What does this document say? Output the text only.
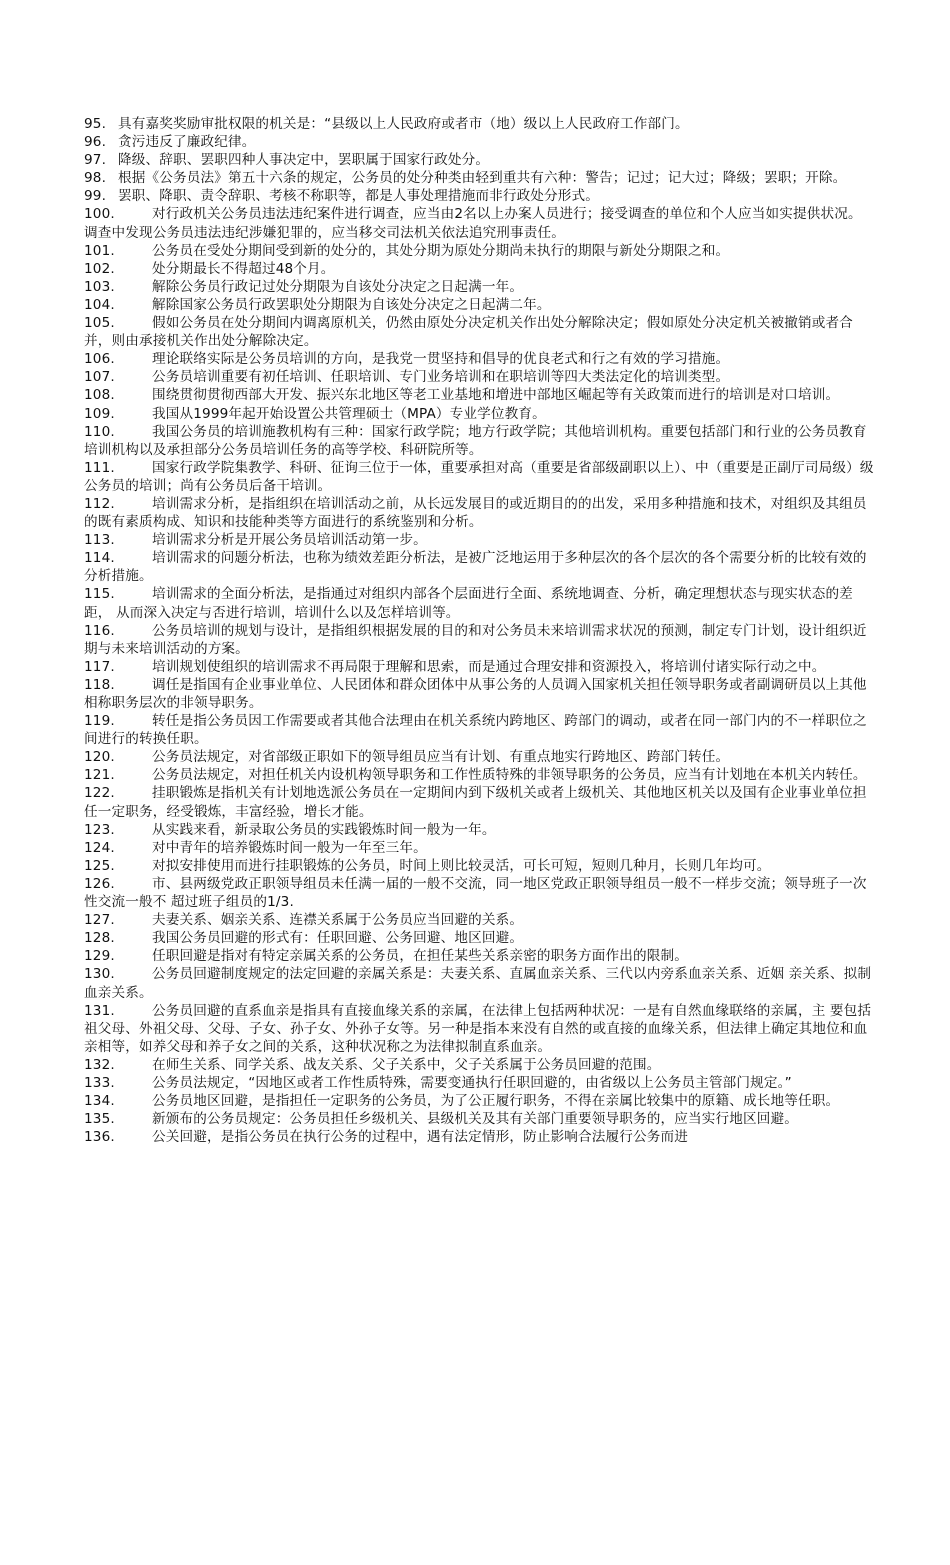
95. 具有嘉奖奖励审批权限的机关是：“县级以上人民政府或者市（地）级以上人民政府工作部门。
96. 贪污违反了廉政纪律。
97. 降级、辞职、罢职四种人事决定中，罢职属于国家行政处分。
98. 根据《公务员法》第五十六条的规定，公务员的处分种类由轻到重共有六种：警告；记过；记大过；降级；罢职；开除。
99. 罢职、降职、责令辞职、考核不称职等，都是人事处理措施而非行政处分形式。
100.	对行政机关公务员违法违纪案件进行调查，应当由2名以上办案人员进行；接受调查的单位和个人应当如实提供状况。 调查中发现公务员违法违纪涉嫌犯罪的，应当移交司法机关依法追究刑事责任。
101.	公务员在受处分期间受到新的处分的，其处分期为原处分期尚未执行的期限与新处分期限之和。
102.	处分期最长不得超过48个月。
103.	解除公务员行政记过处分期限为自该处分决定之日起满一年。
104.	解除国家公务员行政罢职处分期限为自该处分决定之日起满二年。
105.	假如公务员在处分期间内调离原机关，仍然由原处分决定机关作出处分解除决定；假如原处分决定机关被撤销或者合并，则由承接机关作出处分解除决定。
106.	理论联络实际是公务员培训的方向，是我党一贯坚持和倡导的优良老式和行之有效的学习措施。
107.	公务员培训重要有初任培训、任职培训、专门业务培训和在职培训等四大类法定化的培训类型。
108.	围绕贯彻贯彻西部大开发、振兴东北地区等老工业基地和增进中部地区崛起等有关政策而进行的培训是对口培训。
109.	我国从1999年起开始设置公共管理硕士（MPA）专业学位教育。
110.	我国公务员的培训施教机构有三种：国家行政学院；地方行政学院；其他培训机构。重要包括部门和行业的公务员教育培训机构以及承担部分公务员培训任务的高等学校、科研院所等。
111.	国家行政学院集教学、科研、征询三位于一体，重要承担对高（重要是省部级副职以上）、中（重要是正副厅司局级）级公务员的培训；尚有公务员后备干培训。
112.	培训需求分析，是指组织在培训活动之前，从长远发展目的或近期目的的出发，采用多种措施和技术，对组织及其组员的既有素质构成、知识和技能种类等方面进行的系统鉴别和分析。
113.	培训需求分析是开展公务员培训活动第一步。
114.	培训需求的问题分析法，也称为绩效差距分析法，是被广泛地运用于多种层次的各个层次的各个需要分析的比较有效的分析措施。
115.	培训需求的全面分析法，是指通过对组织内部各个层面进行全面、系统地调查、分析，确定理想状态与现实状态的差距， 从而深入决定与否进行培训，培训什么以及怎样培训等。
116.	公务员培训的规划与设计，是指组织根据发展的目的和对公务员未来培训需求状况的预测，制定专门计划，设计组织近期与未来培训活动的方案。
117.	培训规划使组织的培训需求不再局限于理解和思索，而是通过合理安排和资源投入，将培训付诸实际行动之中。
118.	调任是指国有企业事业单位、人民团体和群众团体中从事公务的人员调入国家机关担任领导职务或者副调研员以上其他相称职务层次的非领导职务。
119.	转任是指公务员因工作需要或者其他合法理由在机关系统内跨地区、跨部门的调动，或者在同一部门内的不一样职位之间进行的转换任职。
120.	公务员法规定，对省部级正职如下的领导组员应当有计划、有重点地实行跨地区、跨部门转任。
121.	公务员法规定，对担任机关内设机构领导职务和工作性质特殊的非领导职务的公务员，应当有计划地在本机关内转任。
122.	挂职锻炼是指机关有计划地选派公务员在一定期间内到下级机关或者上级机关、其他地区机关以及国有企业事业单位担任一定职务，经受锻炼，丰富经验，增长才能。
123.	从实践来看，新录取公务员的实践锻炼时间一般为一年。
124.	对中青年的培养锻炼时间一般为一年至三年。
125.	对拟安排使用而进行挂职锻炼的公务员，时间上则比较灵活，可长可短，短则几种月，长则几年均可。
126.	市、县两级党政正职领导组员未任满一届的一般不交流，同一地区党政正职领导组员一般不一样步交流；领导班子一次性交流一般不 超过班子组员的1/3.
127.	夫妻关系、姻亲关系、连襟关系属于公务员应当回避的关系。
128.	我国公务员回避的形式有：任职回避、公务回避、地区回避。
129.	任职回避是指对有特定亲属关系的公务员，在担任某些关系亲密的职务方面作出的限制。
130.	公务员回避制度规定的法定回避的亲属关系是：夫妻关系、直属血亲关系、三代以内旁系血亲关系、近姻 亲关系、拟制血亲关系。
131.	公务员回避的直系血亲是指具有直接血缘关系的亲属，在法律上包括两种状况：一是有自然血缘联络的亲属，主 要包括祖父母、外祖父母、父母、子女、孙子女、外孙子女等。另一种是指本来没有自然的或直接的血缘关系，但法律上确定其地位和血亲相等，如养父母和养子女之间的关系，这种状况称之为法律拟制直系血亲。
132.	在师生关系、同学关系、战友关系、父子关系中，父子关系属于公务员回避的范围。
133.	公务员法规定，“因地区或者工作性质特殊，需要变通执行任职回避的，由省级以上公务员主管部门规定。”
134.	公务员地区回避，是指担任一定职务的公务员，为了公正履行职务，不得在亲属比较集中的原籍、成长地等任职。
135.	新颁布的公务员规定：公务员担任乡级机关、县级机关及其有关部门重要领导职务的，应当实行地区回避。
136.	公关回避，是指公务员在执行公务的过程中，遇有法定情形，防止影响合法履行公务而进
